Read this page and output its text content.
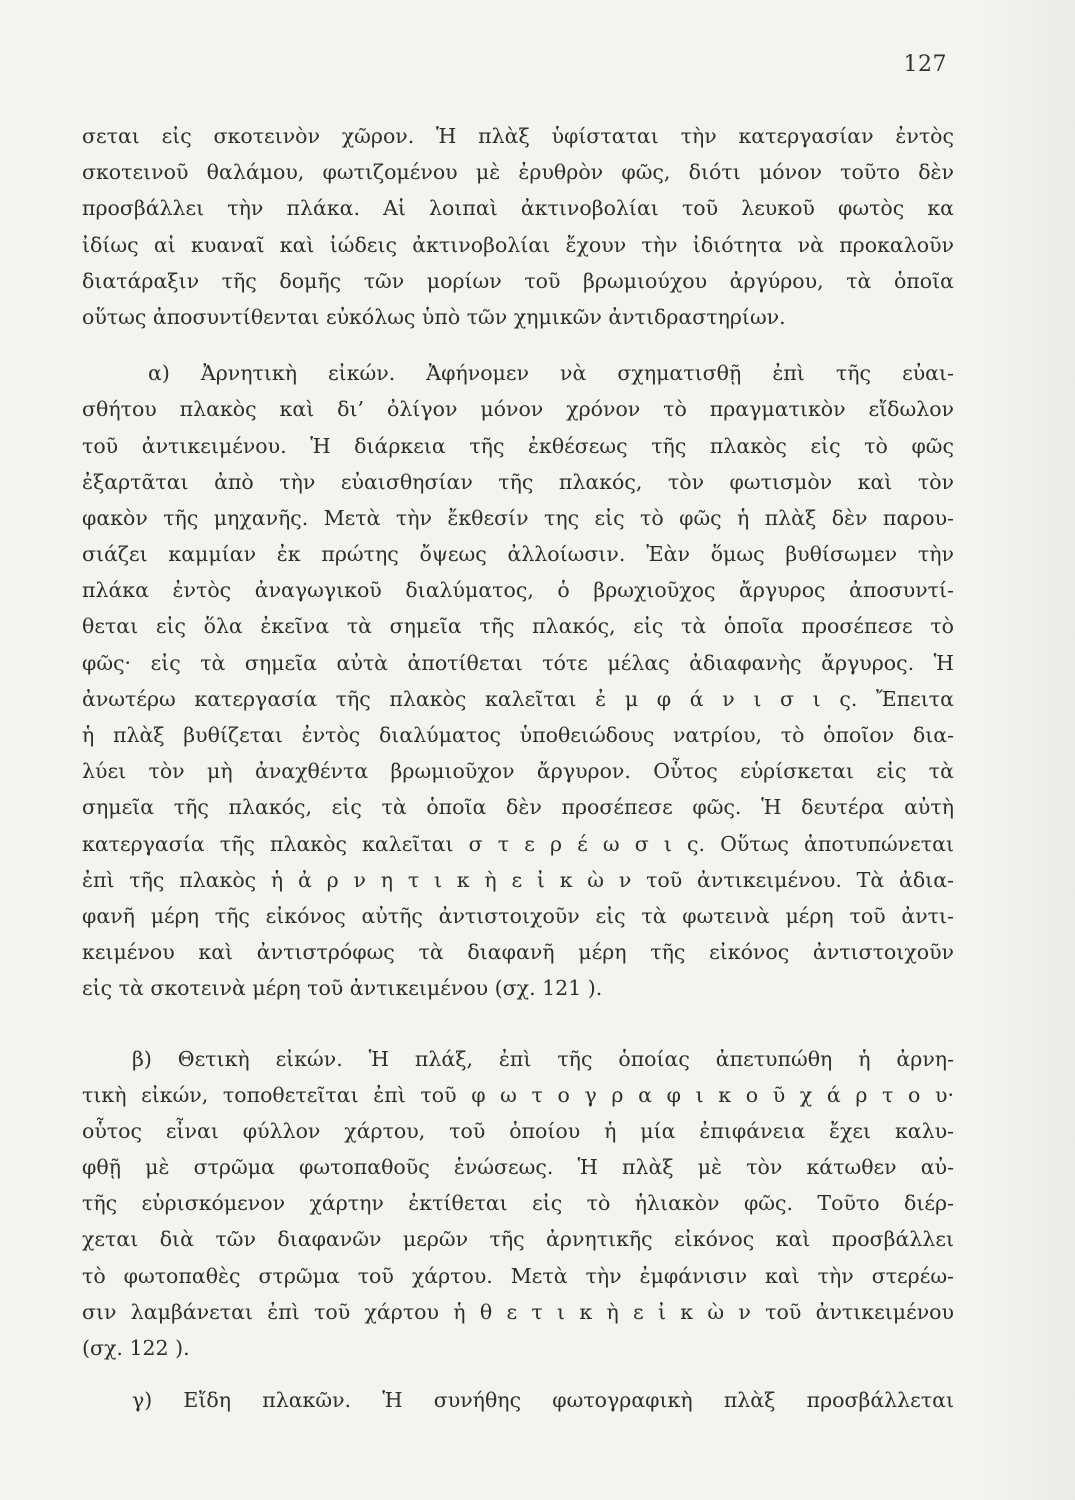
127
σεται εἰς σκοτεινὸν χῶρον. Ἡ πλὰξ ὑφίσταται τὴν κατεργασίαν ἐντὸς
σκοτεινοῦ θαλάμου, φωτιζομένου μὲ ἐρυθρὸν φῶς, διότι μόνον τοῦτο δὲν
προσβάλλει τὴν πλάκα. Αἱ λοιπαὶ ἀκτινοβολίαι τοῦ λευκοῦ φωτὸς κα
ἰδίως αἱ κυαναῖ καὶ ἰώδεις ἀκτινοβολίαι ἔχουν τὴν ἰδιότητα νὰ προκαλοῦν
διατάραξιν τῆς δομῆς τῶν μορίων τοῦ βρωμιούχου ἀργύρου, τὰ ὁποῖα
οὕτως ἀποσυντίθενται εὐκόλως ὑπὸ τῶν χημικῶν ἀντιδραστηρίων.
α) Ἀρνητικὴ εἰκών. Ἀφήνομεν νὰ σχηματισθῇ ἐπὶ τῆς εὐαι-
σθήτου πλακὸς καὶ δι’ ὀλίγον μόνον χρόνον τὸ πραγματικὸν εἴδωλον
τοῦ ἀντικειμένου. Ἡ διάρκεια τῆς ἐκθέσεως τῆς πλακὸς εἰς τὸ φῶς
ἐξαρτᾶται ἀπὸ τὴν εὐαισθησίαν τῆς πλακός, τὸν φωτισμὸν καὶ τὸν
φακὸν τῆς μηχανῆς. Μετὰ τὴν ἔκθεσίν της εἰς τὸ φῶς ἡ πλὰξ δὲν παρου-
σιάζει καμμίαν ἐκ πρώτης ὄψεως ἀλλοίωσιν. Ἐὰν ὅμως βυθίσωμεν τὴν
πλάκα ἐντὸς ἀναγωγικοῦ διαλύματος, ὁ βρωχιοῦχος ἄργυρος ἀποσυντί-
θεται εἰς ὅλα ἐκεῖνα τὰ σημεῖα τῆς πλακός, εἰς τὰ ὁποῖα προσέπεσε τὸ
φῶς· εἰς τὰ σημεῖα αὐτὰ ἀποτίθεται τότε μέλας ἀδιαφανὴς ἄργυρος. Ἡ
ἀνωτέρω κατεργασία τῆς πλακὸς καλεῖται ἐ μ φ ά ν ι σ ι ς. Ἔπειτα
ἡ πλὰξ βυθίζεται ἐντὸς διαλύματος ὑποθειώδους νατρίου, τὸ ὁποῖον δια-
λύει τὸν μὴ ἀναχθέντα βρωμιοῦχον ἄργυρον. Οὗτος εὑρίσκεται εἰς τὰ
σημεῖα τῆς πλακός, εἰς τὰ ὁποῖα δὲν προσέπεσε φῶς. Ἡ δευτέρα αὐτὴ
κατεργασία τῆς πλακὸς καλεῖται σ τ ε ρ έ ω σ ι ς. Οὕτως ἀποτυπώνεται
ἐπὶ τῆς πλακὸς ἡ ἀ ρ ν η τ ι κ ὴ ε ἰ κ ὼ ν τοῦ ἀντικειμένου. Τὰ ἀδια-
φανῆ μέρη τῆς εἰκόνος αὐτῆς ἀντιστοιχοῦν εἰς τὰ φωτεινὰ μέρη τοῦ ἀντι-
κειμένου καὶ ἀντιστρόφως τὰ διαφανῆ μέρη τῆς εἰκόνος ἀντιστοιχοῦν
εἰς τὰ σκοτεινὰ μέρη τοῦ ἀντικειμένου (σχ. 121 ).
β) Θετικὴ εἰκών. Ἡ πλάξ, ἐπὶ τῆς ὁποίας ἀπετυπώθη ἡ ἀρνη-
τικὴ εἰκών, τοποθετεῖται ἐπὶ τοῦ φ ω τ ο γ ρ α φ ι κ ο ῦ χ ά ρ τ ο υ·
οὗτος εἶναι φύλλον χάρτου, τοῦ ὁποίου ἡ μία ἐπιφάνεια ἔχει καλυ-
φθῇ μὲ στρῶμα φωτοπαθοῦς ἑνώσεως. Ἡ πλὰξ μὲ τὸν κάτωθεν αὐ-
τῆς εὑρισκόμενον χάρτην ἐκτίθεται εἰς τὸ ἡλιακὸν φῶς. Τοῦτο διέρ-
χεται διὰ τῶν διαφανῶν μερῶν τῆς ἀρνητικῆς εἰκόνος καὶ προσβάλλει
τὸ φωτοπαθὲς στρῶμα τοῦ χάρτου. Μετὰ τὴν ἐμφάνισιν καὶ τὴν στερέω-
σιν λαμβάνεται ἐπὶ τοῦ χάρτου ἡ θ ε τ ι κ ὴ ε ἰ κ ὼ ν τοῦ ἀντικειμένου
(σχ. 122 ).
γ) Εἴδη πλακῶν. Ἡ συνήθης φωτογραφικὴ πλὰξ προσβάλλεται
